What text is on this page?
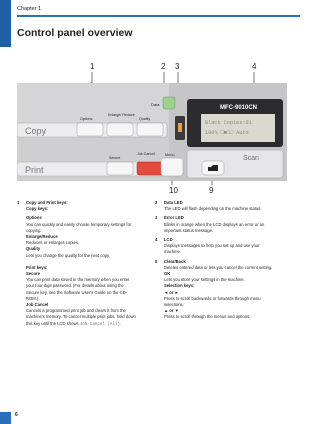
Chapter 1
Control panel overview
1	2 3	4
10	9
Copy
Options
Enlarge/ Reduce
Quality
Print
Secure
Job Cancel
Data
MFC-9010CN
Black Copies:01
100% □■□□ Auto
Menu	Scan
1 Copy and Print keys:

Copy keys:

Options

You can quickly and easily choose temporary settings for copying.

Enlarge/Reduce

Reduces or enlarges copies.

Quality

Lets you change the quality for the next copy.

Print keys:

Secure

You can print data saved in the memory when you enter your four-digit password. (For details about using the Secure key, see the Software User's Guide on the CD-ROM.)

Job Cancel

Cancels a programmed print job and clears it from the machine's memory. To cancel multiple print jobs, hold down this key until the LCD shows Job Cancel (All).

2 Data LED

The LED will flash depending on the machine status.

3 Error LED

Blinks in orange when the LCD displays an error or an important status message.

4 LCD

Displays messages to help you set up and use your machine.

5 Clear/Back

Deletes entered data or lets you cancel the current setting.

OK

Lets you store your settings in the machine.

Selection keys:

◄ or ►

Press to scroll backwards or forwards through menu selections.

▲ or ▼

Press to scroll through the menus and options.

6
